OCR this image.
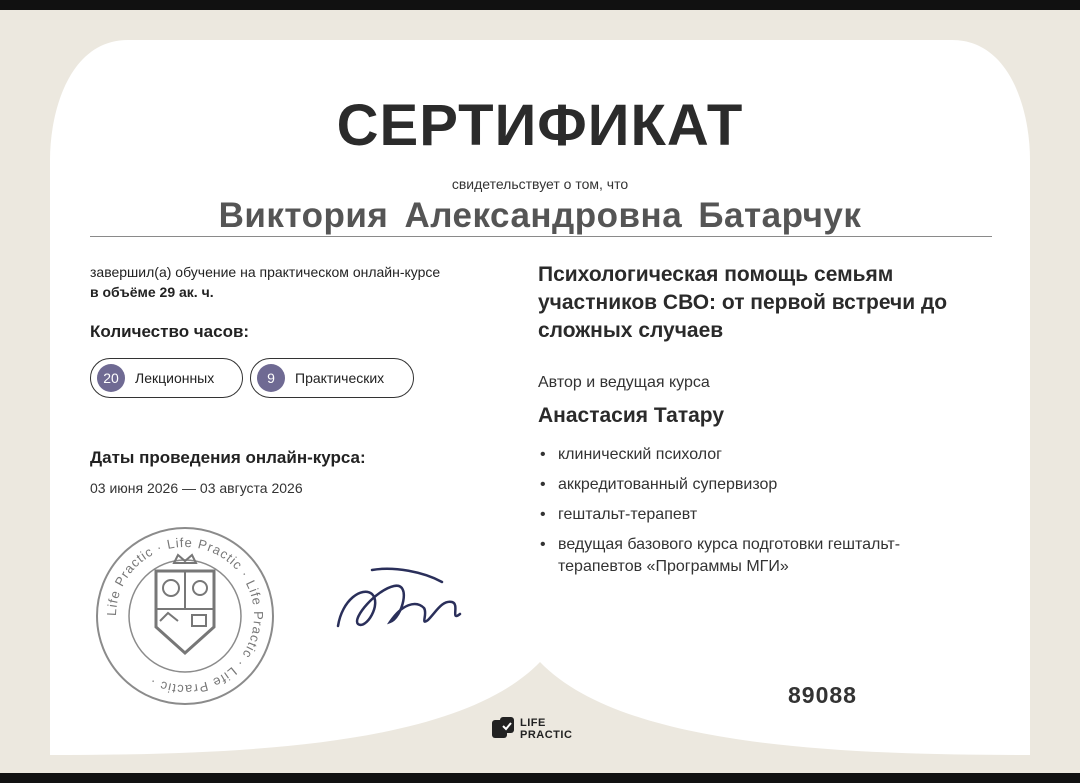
СЕРТИФИКАТ
свидетельствует о том, что
Виктория Александровна Батарчук
завершил(а) обучение на практическом онлайн-курсе
в объёме 29 ак. ч.
Количество часов:
20	Лекционных	9	Практических
Даты проведения онлайн-курса:
03 июня 2026 — 03 августа 2026
Life Practic · Life Practic · Life Practic · Life Practic ·
Психологическая помощь семьям участников СВО: от первой встречи до сложных случаев
Автор и ведущая курса
Анастасия Татару
• клинический психолог
• аккредитованный супервизор
• гештальт-терапевт
• ведущая базового курса подготовки гештальт-терапевтов «Программы МГИ»
89088
LIFE
PRACTIC
